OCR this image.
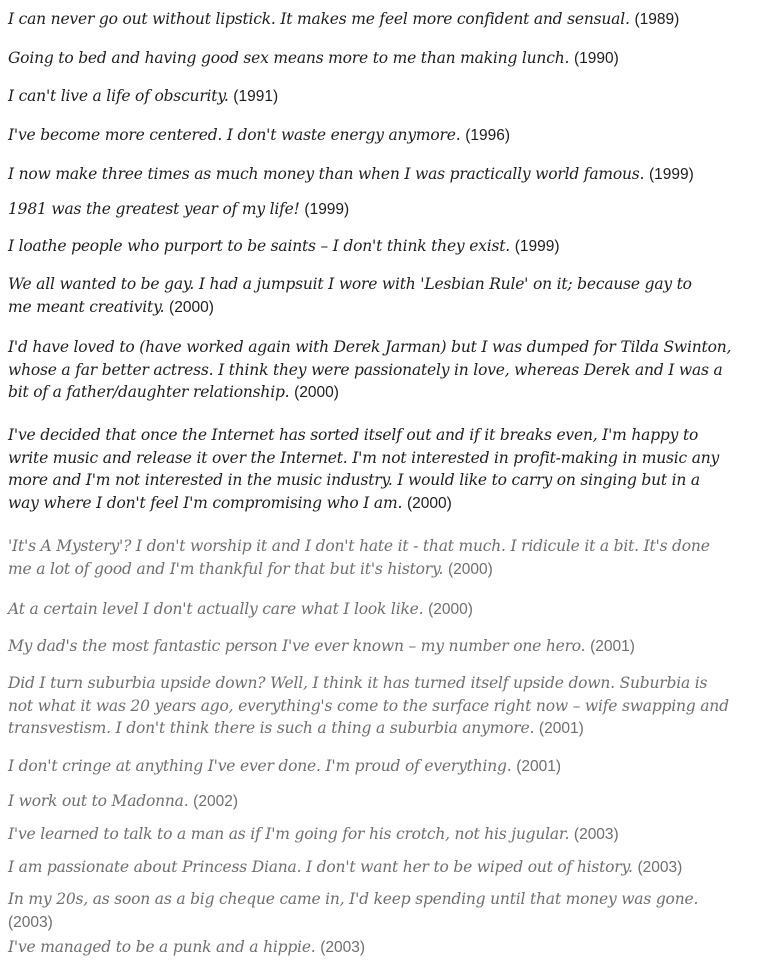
I can never go out without lipstick. It makes me feel more confident and sensual. (1989)

Going to bed and having good sex means more to me than making lunch. (1990)

I can't live a life of obscurity. (1991)

I've become more centered. I don't waste energy anymore. (1996)

I now make three times as much money than when I was practically world famous. (1999)

1981 was the greatest year of my life! (1999)

I loathe people who purport to be saints – I don't think they exist. (1999)

We all wanted to be gay. I had a jumpsuit I wore with 'Lesbian Rule' on it; because gay to me meant creativity. (2000)

I'd have loved to (have worked again with Derek Jarman) but I was dumped for Tilda Swinton, whose a far better actress. I think they were passionately in love, whereas Derek and I was a bit of a father/daughter relationship. (2000)

I've decided that once the Internet has sorted itself out and if it breaks even, I'm happy to write music and release it over the Internet. I'm not interested in profit-making in music any more and I'm not interested in the music industry. I would like to carry on singing but in a way where I don't feel I'm compromising who I am. (2000)

'It's A Mystery'? I don't worship it and I don't hate it - that much. I ridicule it a bit. It's done me a lot of good and I'm thankful for that but it's history. (2000)

At a certain level I don't actually care what I look like. (2000)

My dad's the most fantastic person I've ever known – my number one hero. (2001)

Did I turn suburbia upside down? Well, I think it has turned itself upside down. Suburbia is not what it was 20 years ago, everything's come to the surface right now – wife swapping and transvestism. I don't think there is such a thing a suburbia anymore. (2001)

I don't cringe at anything I've ever done. I'm proud of everything. (2001)

I work out to Madonna. (2002)

I've learned to talk to a man as if I'm going for his crotch, not his jugular. (2003)

I am passionate about Princess Diana. I don't want her to be wiped out of history. (2003)

In my 20s, as soon as a big cheque came in, I'd keep spending until that money was gone. (2003)

I've managed to be a punk and a hippie. (2003)
